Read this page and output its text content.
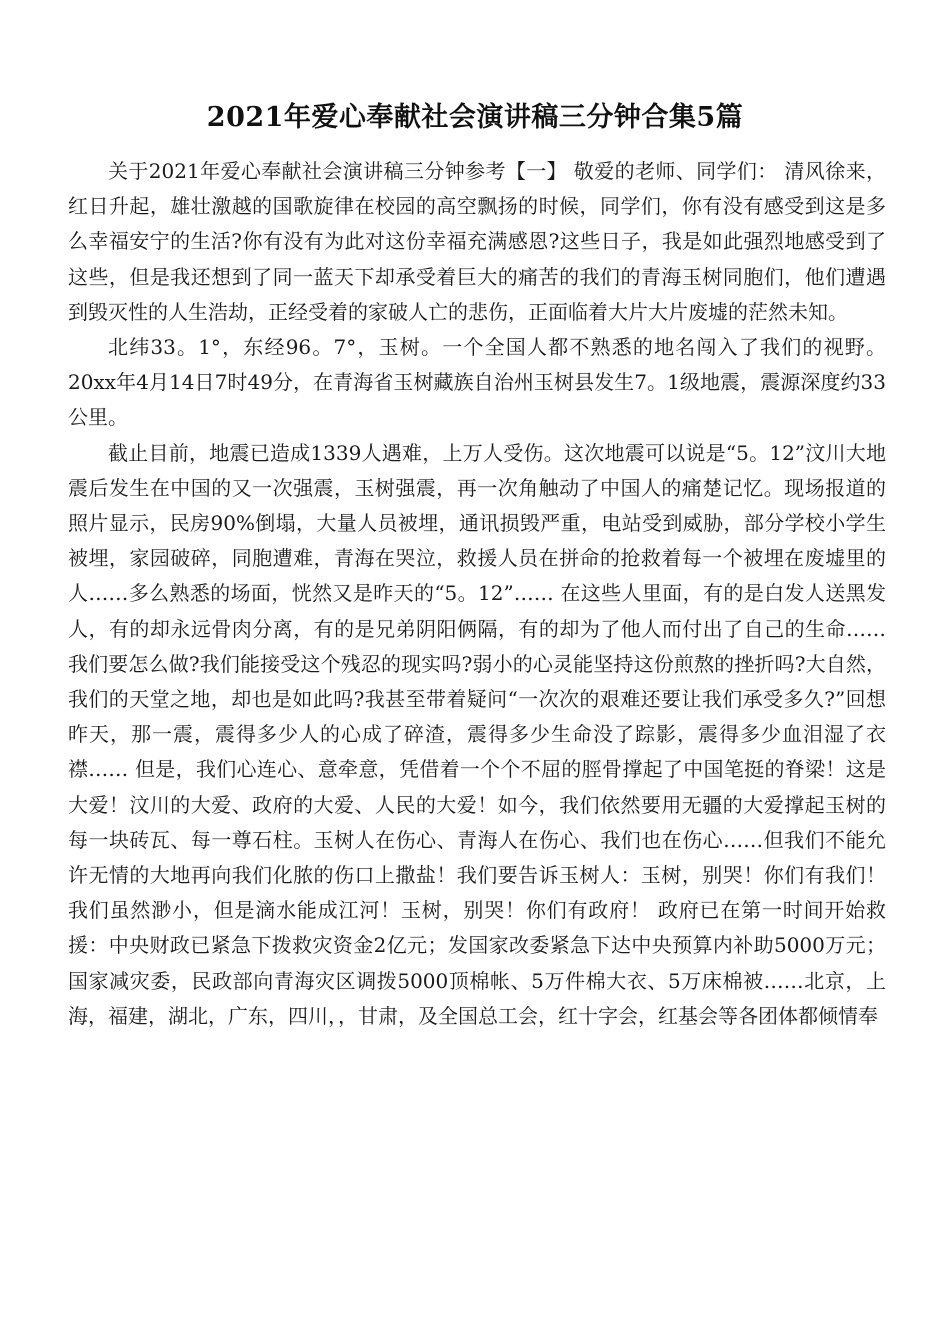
2021年爱心奉献社会演讲稿三分钟合集5篇

关于2021年爱心奉献社会演讲稿三分钟参考【一】 敬爱的老师、同学们： 清风徐来，红日升起，雄壮激越的国歌旋律在校园的高空飘扬的时候，同学们，你有没有感受到这是多么幸福安宁的生活?你有没有为此对这份幸福充满感恩?这些日子，我是如此强烈地感受到了这些，但是我还想到了同一蓝天下却承受着巨大的痛苦的我们的青海玉树同胞们，他们遭遇到毁灭性的人生浩劫，正经受着的家破人亡的悲伤，正面临着大片大片废墟的茫然未知。

北纬33。1°，东经96。7°，玉树。一个全国人都不熟悉的地名闯入了我们的视野。20xx年4月14日7时49分，在青海省玉树藏族自治州玉树县发生7。1级地震，震源深度约33公里。

截止目前，地震已造成1339人遇难，上万人受伤。这次地震可以说是“5。12”汶川大地震后发生在中国的又一次强震，玉树强震，再一次角触动了中国人的痛楚记忆。现场报道的照片显示，民房90%倒塌，大量人员被埋，通讯损毁严重，电站受到威胁，部分学校小学生被埋，家园破碎，同胞遭难，青海在哭泣，救援人员在拼命的抢救着每一个被埋在废墟里的人……多么熟悉的场面，恍然又是昨天的“5。12”…… 在这些人里面，有的是白发人送黑发人，有的却永远骨肉分离，有的是兄弟阴阳俩隔，有的却为了他人而付出了自己的生命……我们要怎么做?我们能接受这个残忍的现实吗?弱小的心灵能坚持这份煎熬的挫折吗?大自然，我们的天堂之地，却也是如此吗?我甚至带着疑问“一次次的艰难还要让我们承受多久?”回想昨天，那一震，震得多少人的心成了碎渣，震得多少生命没了踪影，震得多少血泪湿了衣襟…… 但是，我们心连心、意牵意，凭借着一个个不屈的脛骨撑起了中国笔挺的脊梁！这是大爱！汶川的大爱、政府的大爱、人民的大爱！如今，我们依然要用无疆的大爱撑起玉树的每一块砖瓦、每一尊石柱。玉树人在伤心、青海人在伤心、我们也在伤心……但我们不能允许无情的大地再向我们化脓的伤口上撒盐！我们要告诉玉树人：玉树，别哭！你们有我们！我们虽然渺小，但是滴水能成江河！玉树，别哭！你们有政府！ 政府已在第一时间开始救援：中央财政已紧急下拨救灾资金2亿元；发国家改委紧急下达中央预算内补助5000万元；国家减灾委，民政部向青海灾区调拨5000顶棉帐、5万件棉大衣、5万床棉被……北京，上海，福建，湖北，广东，四川，，甘肃，及全国总工会，红十字会，红基会等各团体都倾情奉
